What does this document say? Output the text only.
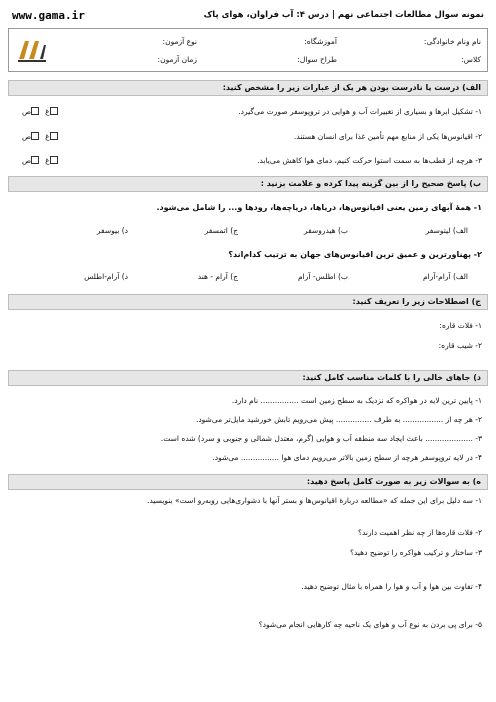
www.gama.ir	نمونه سوال مطالعات اجتماعی نهم | درس ۴: آب فراوان، هوای پاک
نام ونام خانوادگی:
آموزشگاه:
نوع آزمون:
کلاس:
طراح سوال:
زمان آزمون:
الف) درست یا نادرست بودن هر یک از عبارات زیر را مشخص کنید:
۱- تشکیل ابرها و بسیاری از تغییرات آب و هوایی در تروپوسفر صورت می‌گیرد.
غص
۲- اقیانوس‌ها یکی از منابع مهم تأمین غذا برای انسان هستند.
غص
۳- هرچه از قطب‌ها به سمت استوا حرکت کنیم، دمای هوا کاهش می‌یابد.
غص
ب) پاسخ صحیح را از بین گزینه پیدا کرده و علامت بزنید :
۱- همهٔ آبهای زمین یعنی اقیانوس‌ها، دریاها، دریاچه‌ها، رودها و... را شامل می‌شود.
الف) لیتوسفر
ب) هیدروسفر
ج) اتمسفر
د) بیوسفر
۲- پهناورترین و عمیق ترین اقیانوس‌های جهان به ترتیب کدام‌اند؟
الف) آرام-آرام
ب) اطلس- آرام
ج) آرام - هند
د) آرام-اطلس
ج) اصطلاحات زیر را تعریف کنید:
۱- فلات قاره:
۲- شیب قاره:
د) جاهای خالی را با کلمات مناسب کامل کنید:
۱- پایین ترین لایه در هواکره که نزدیک به سطح زمین است ................ نام دارد.
۲- هر چه از ................. به طرف ............... پیش می‌رویم تابش خورشید مایل‌تر می‌شود.
۳- .................... باعث ایجاد سه منطقه آب و هوایی (گرم، معتدل شمالی و جنوبی و سرد) شده است.
۴- در لایه تروپوسفر هرچه از سطح زمین بالاتر می‌رویم دمای هوا ................ می‌شود.
ه) به سوالات زیر به صورت کامل پاسخ دهید:
۱- سه دلیل برای این جمله که «مطالعه دربارهٔ اقیانوس‌ها و بستر آنها با دشواری‌هایی روبه‌رو است» بنویسید.
۲- فلات قاره‌ها از چه نظر اهمیت دارند؟
۳- ساختار و ترکیب هواکره را توضیح دهید؟
۴- تفاوت بین هوا و آب و هوا را همراه با مثال توضیح دهید.
۵- برای پی بردن به نوع آب و هوای یک ناحیه چه کارهایی انجام می‌شود؟
